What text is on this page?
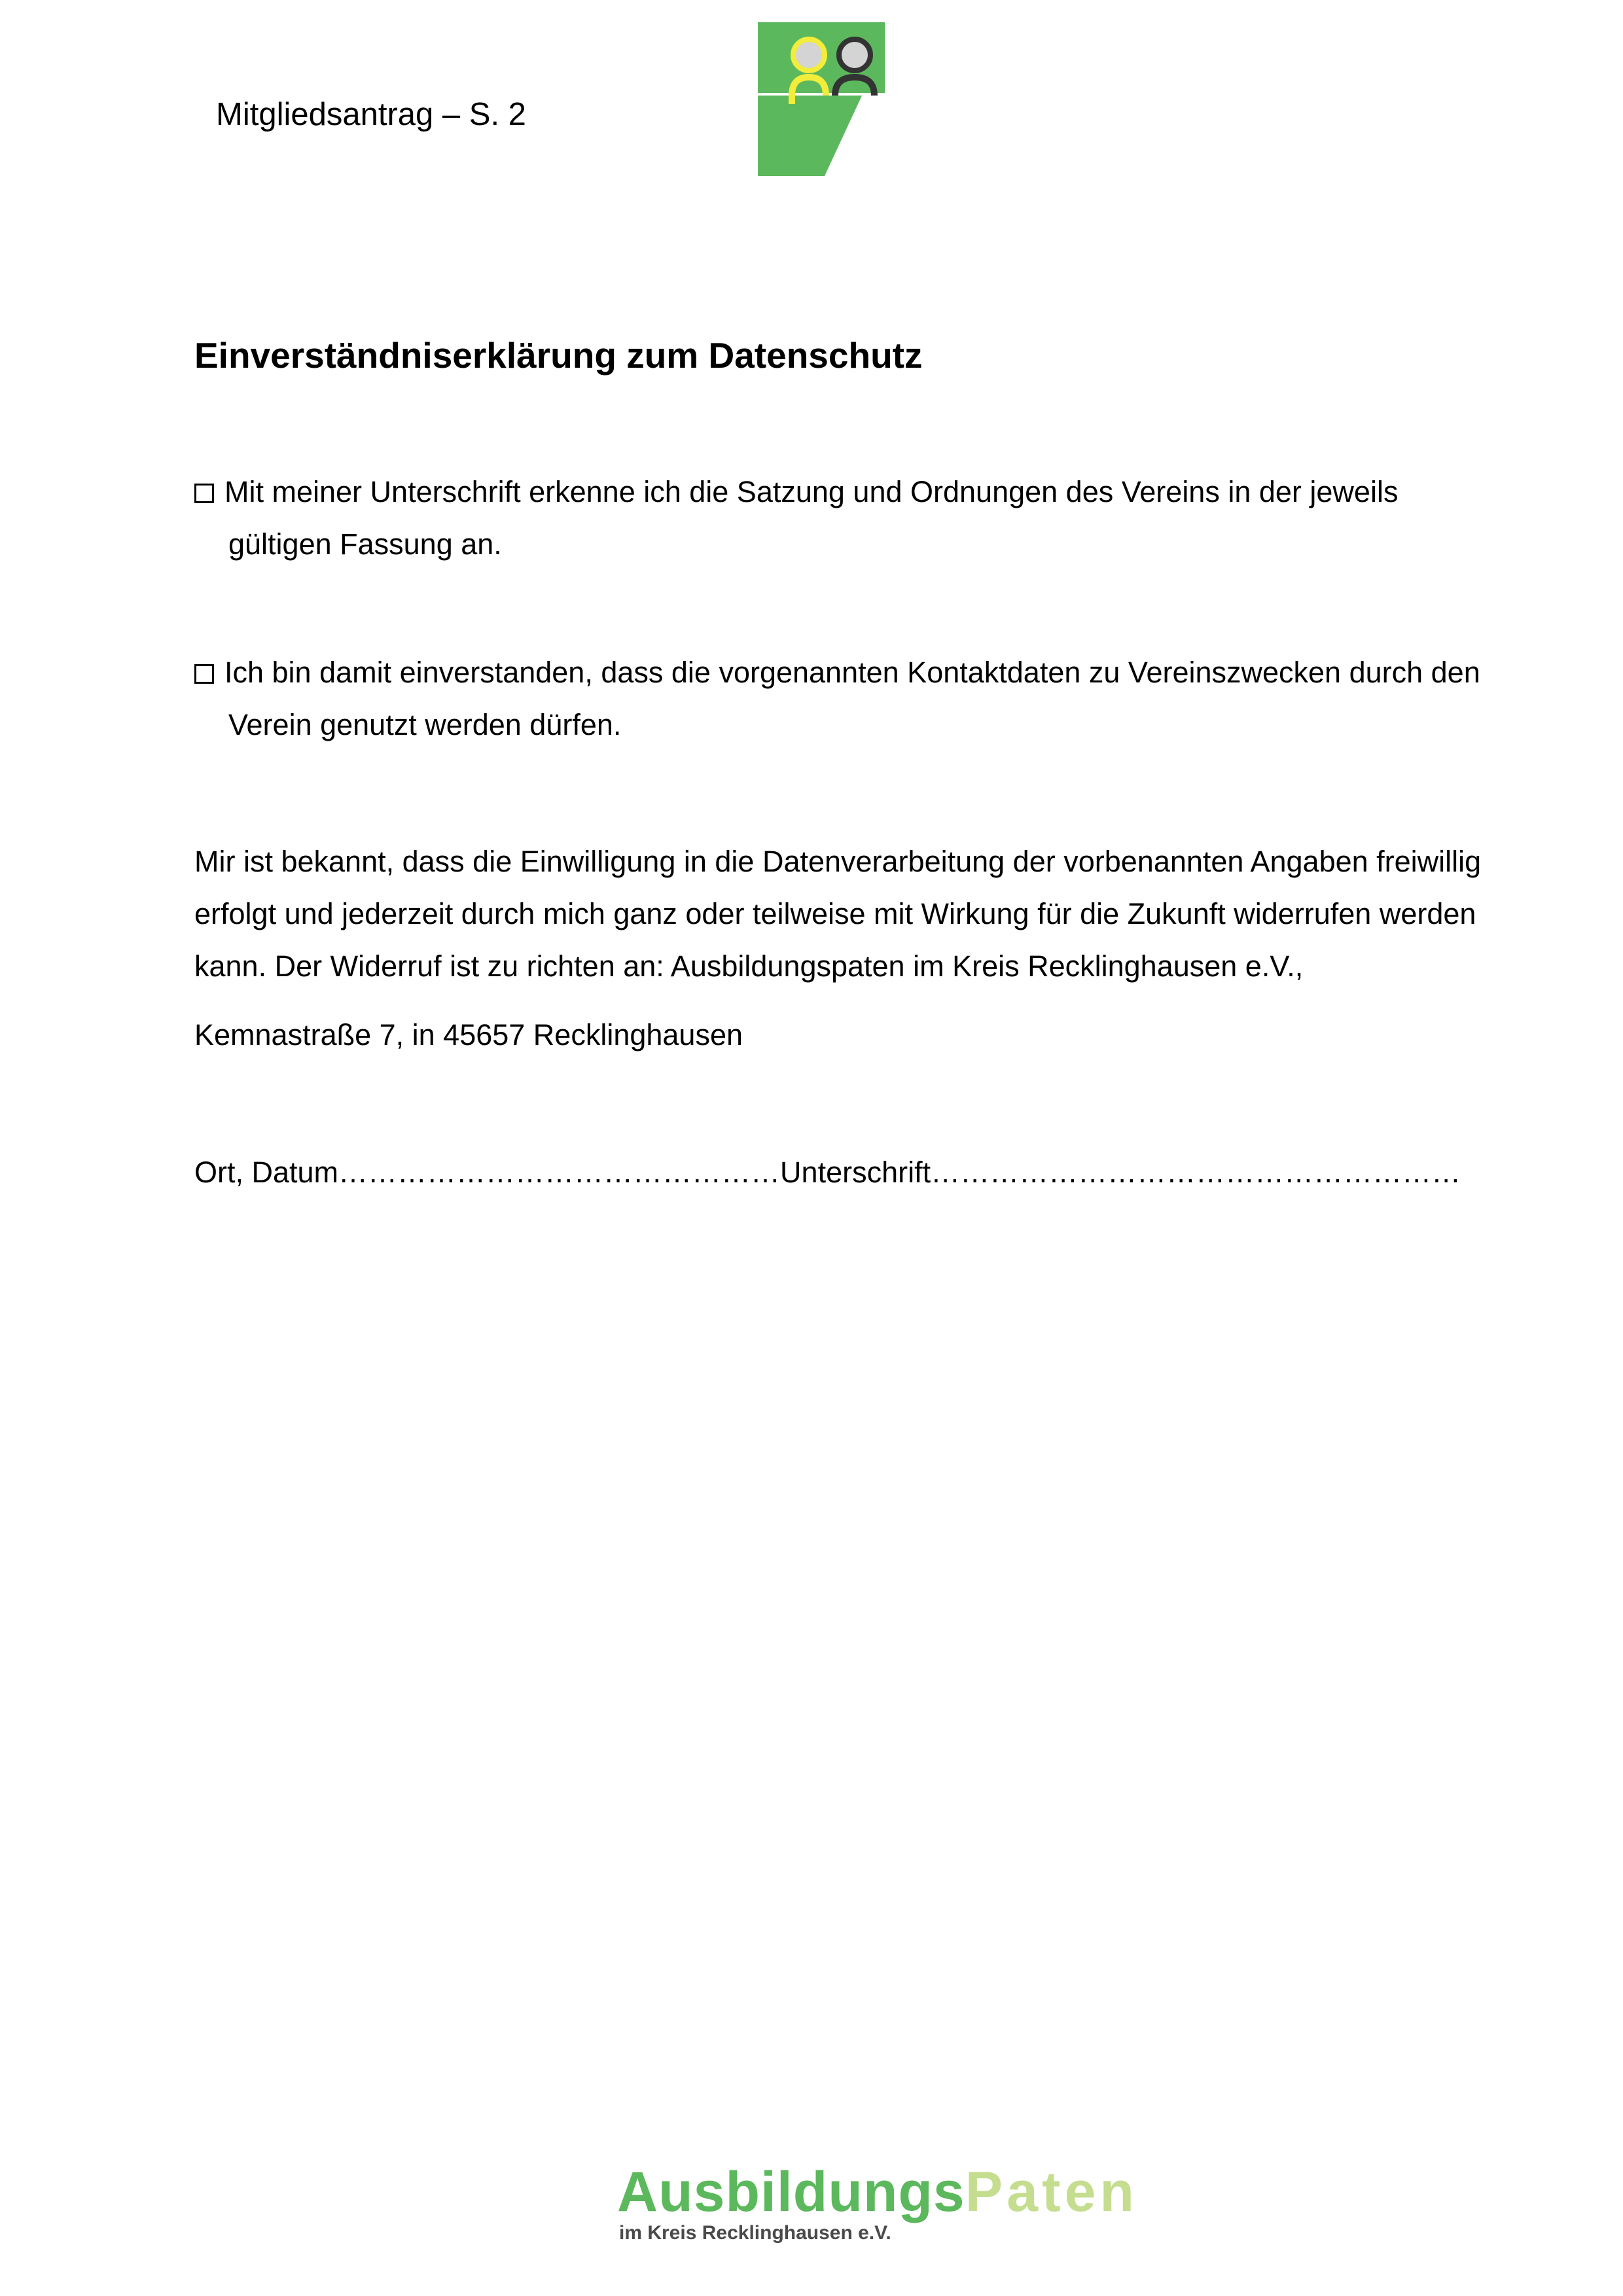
Mitgliedsantrag – S. 2
Einverständniserklärung zum Datenschutz
Mit meiner Unterschrift erkenne ich die Satzung und Ordnungen des Vereins in der jeweils
gültigen Fassung an.
Ich bin damit einverstanden, dass die vorgenannten Kontaktdaten zu Vereinszwecken durch den
Verein genutzt werden dürfen.
Mir ist bekannt, dass die Einwilligung in die Datenverarbeitung der vorbenannten Angaben freiwillig
erfolgt und jederzeit durch mich ganz oder teilweise mit Wirkung für die Zukunft widerrufen werden
kann. Der Widerruf ist zu richten an: Ausbildungspaten im Kreis Recklinghausen e.V.,
Kemnastraße 7, in 45657 Recklinghausen
Ort, Datum………………………………………Unterschrift………………………………………………
AusbildungsPaten
im Kreis Recklinghausen e.V.
